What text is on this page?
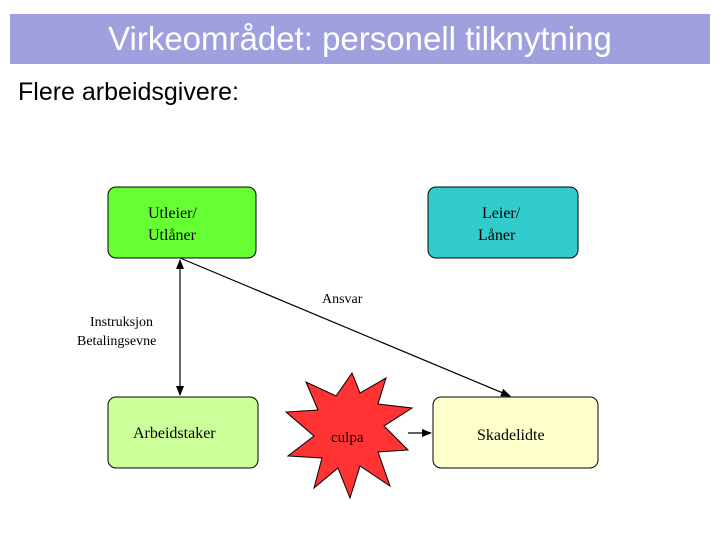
Virkeområdet: personell tilknytning
Flere arbeidsgivere:
Utleier/
Utlåner
Leier/
Låner
Arbeidstaker	Skadelidte
culpa
Instruksjon
Betalingsevne
Ansvar
